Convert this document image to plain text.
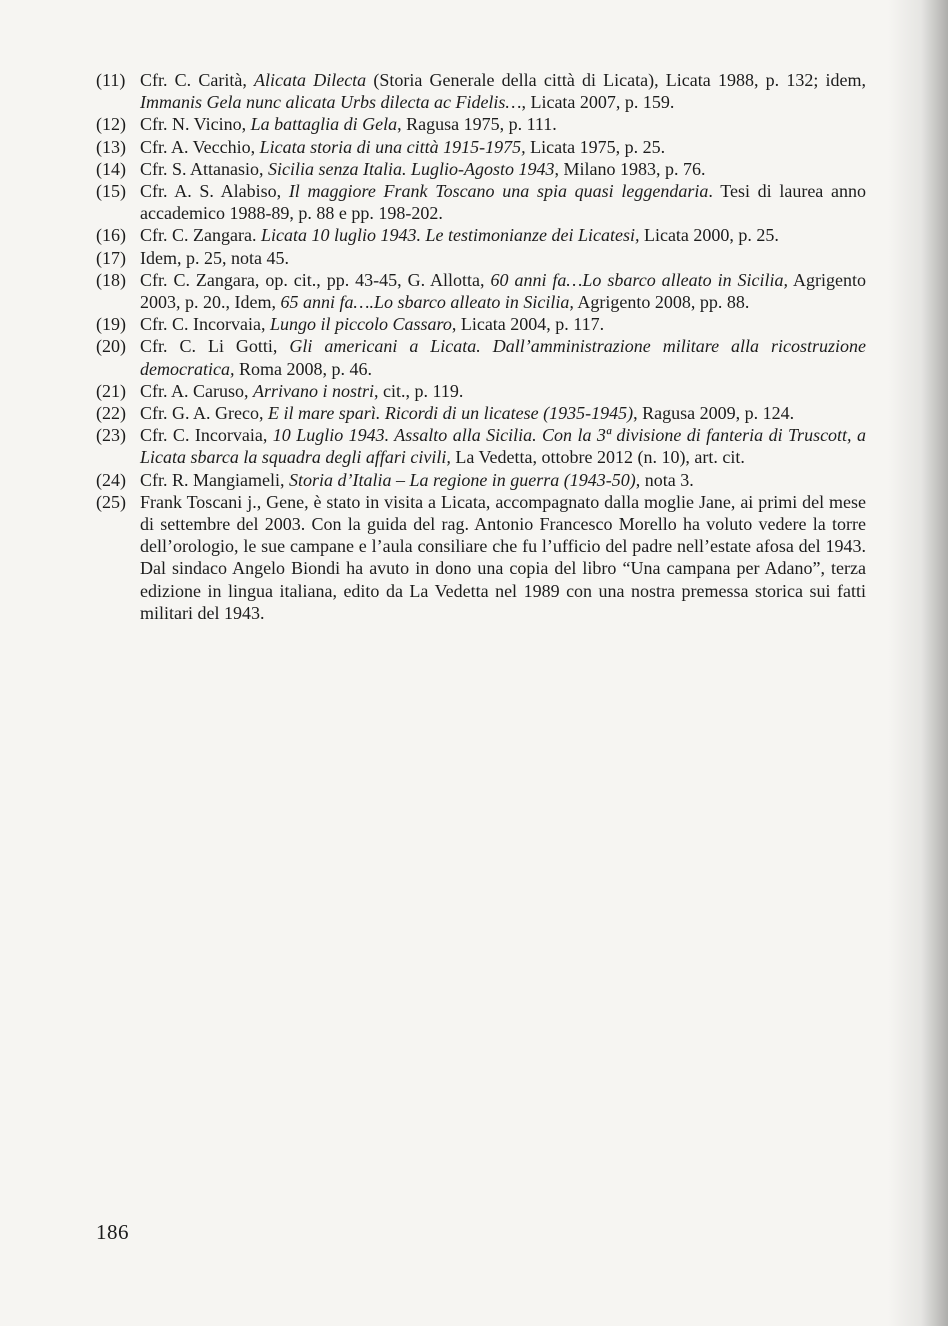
(11) Cfr. C. Carità, Alicata Dilecta (Storia Generale della città di Licata), Licata 1988, p. 132; idem, Immanis Gela nunc alicata Urbs dilecta ac Fidelis…, Licata 2007, p. 159.
(12) Cfr. N. Vicino, La battaglia di Gela, Ragusa 1975, p. 111.
(13) Cfr. A. Vecchio, Licata storia di una città 1915-1975, Licata 1975, p. 25.
(14) Cfr. S. Attanasio, Sicilia senza Italia. Luglio-Agosto 1943, Milano 1983, p. 76.
(15) Cfr. A. S. Alabiso, Il maggiore Frank Toscano una spia quasi leggendaria. Tesi di laurea anno accademico 1988-89, p. 88 e pp. 198-202.
(16) Cfr. C. Zangara. Licata 10 luglio 1943. Le testimonianze dei Licatesi, Licata 2000, p. 25.
(17) Idem, p. 25, nota 45.
(18) Cfr. C. Zangara, op. cit., pp. 43-45, G. Allotta, 60 anni fa…Lo sbarco alleato in Sicilia, Agrigento 2003, p. 20., Idem, 65 anni fa….Lo sbarco alleato in Sicilia, Agrigento 2008, pp. 88.
(19) Cfr. C. Incorvaia, Lungo il piccolo Cassaro, Licata 2004, p. 117.
(20) Cfr. C. Li Gotti, Gli americani a Licata. Dall’amministrazione militare alla ricostruzione democratica, Roma 2008, p. 46.
(21) Cfr. A. Caruso, Arrivano i nostri, cit., p. 119.
(22) Cfr. G. A. Greco, E il mare sparì. Ricordi di un licatese (1935-1945), Ragusa 2009, p. 124.
(23) Cfr. C. Incorvaia, 10 Luglio 1943. Assalto alla Sicilia. Con la 3ª divisione di fanteria di Truscott, a Licata sbarca la squadra degli affari civili, La Vedetta, ottobre 2012 (n. 10), art. cit.
(24) Cfr. R. Mangiameli, Storia d’Italia – La regione in guerra (1943-50), nota 3.
(25) Frank Toscani j., Gene, è stato in visita a Licata, accompagnato dalla moglie Jane, ai primi del mese di settembre del 2003. Con la guida del rag. Antonio Francesco Morello ha voluto vedere la torre dell’orologio, le sue campane e l’aula consiliare che fu l’ufficio del padre nell’estate afosa del 1943. Dal sindaco Angelo Biondi ha avuto in dono una copia del libro “Una campana per Adano”, terza edizione in lingua italiana, edito da La Vedetta nel 1989 con una nostra premessa storica sui fatti militari del 1943.
186
